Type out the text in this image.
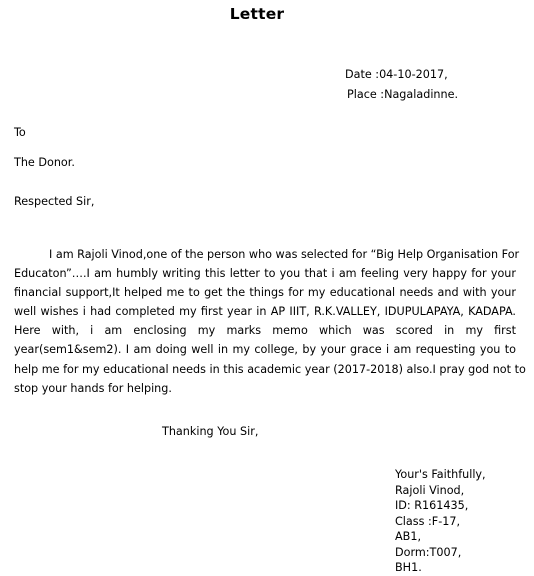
Letter
Date :04-10-2017,
Place :Nagaladinne.
To
The Donor.
Respected Sir,
I am Rajoli Vinod,one of the person who was selected for “Big Help Organisation For
Educaton”….I am humbly writing this letter to you that i am feeling very happy for your
financial support,It helped me to get the things for my educational needs and with your
well wishes i had completed my first year in AP IIIT, R.K.VALLEY, IDUPULAPAYA, KADAPA.
Here with, i am enclosing my marks memo which was scored in my first
year(sem1&sem2). I am doing well in my college, by your grace i am requesting you to
help me for my educational needs in this academic year (2017-2018) also.I pray god not to
stop your hands for helping.
Thanking You Sir,
Your's Faithfully,
Rajoli Vinod,
ID: R161435,
Class :F-17,
AB1,
Dorm:T007,
BH1.
